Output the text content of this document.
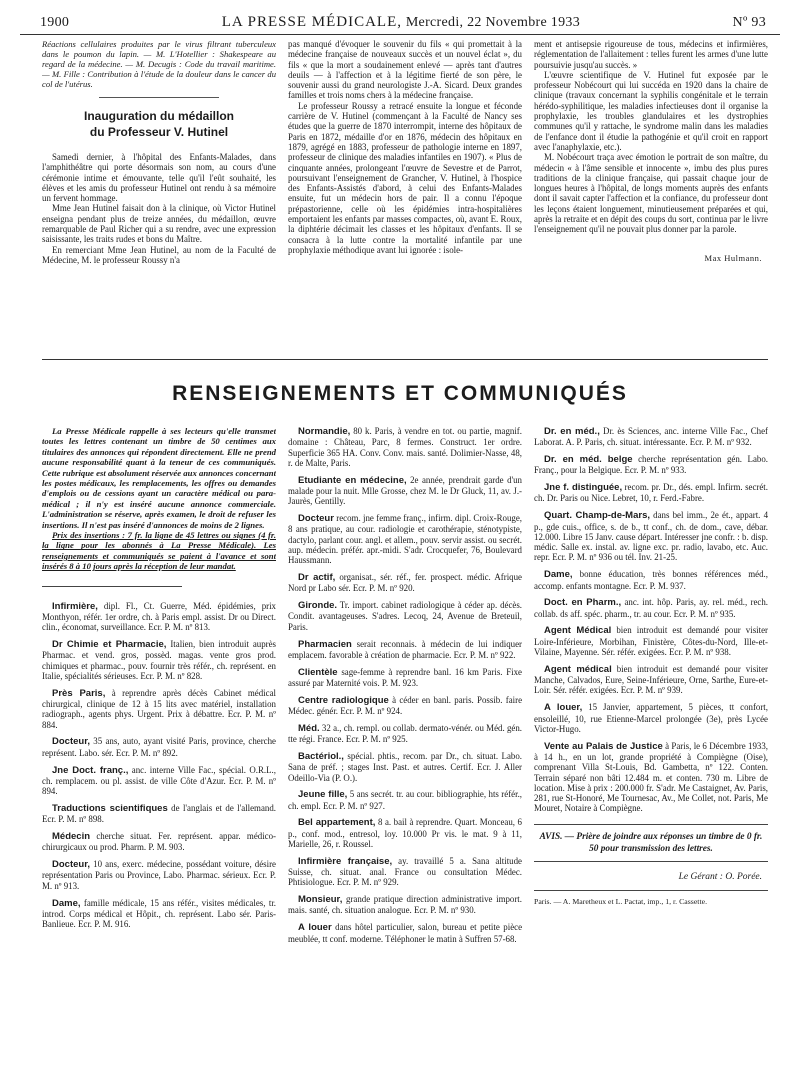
1900	LA PRESSE MÉDICALE, Mercredi, 22 Novembre 1933	Nº 93

Réactions cellulaires produites par le virus filtrant tuberculeux dans le poumon du lapin. — M. L'Hotellier : Shakespeare au regard de la médecine. — M. Decugis : Code du travail maritime. — M. Fille : Contribution à l'étude de la douleur dans le cancer du col de l'utérus.

Inauguration du médaillon
du Professeur V. Hutinel

Samedi dernier, à l'hôpital des Enfants-Malades, dans l'amphithéâtre qui porte désormais son nom, au cours d'une cérémonie intime et émouvante, telle qu'il l'eût souhaité, les élèves et les amis du professeur Hutinel ont rendu à sa mémoire un fervent hommage.

Mme Jean Hutinel faisait don à la clinique, où Victor Hutinel enseigna pendant plus de treize années, du médaillon, œuvre remarquable de Paul Richer qui a su rendre, avec une expression saisissante, les traits rudes et bons du Maître.

En remerciant Mme Jean Hutinel, au nom de la Faculté de Médecine, M. le professeur Roussy n'a

pas manqué d'évoquer le souvenir du fils « qui promettait à la médecine française de nouveaux succès et un nouvel éclat », du fils « que la mort a soudainement enlevé — après tant d'autres deuils — à l'affection et à la légitime fierté de son père, le souvenir aussi du grand neurologiste J.-A. Sicard. Deux grandes familles et trois noms chers à la médecine française.

Le professeur Roussy a retracé ensuite la longue et féconde carrière de V. Hutinel (commençant à la Faculté de Nancy ses études que la guerre de 1870 interrompit, interne des hôpitaux de Paris en 1872, médaille d'or en 1876, médecin des hôpitaux en 1879, agrégé en 1883, professeur de pathologie interne en 1897, professeur de clinique des maladies infantiles en 1907). « Plus de cinquante années, prolongeant l'œuvre de Sevestre et de Parrot, poursuivant l'enseignement de Grancher, V. Hutinel, à l'hospice des Enfants-Assistés d'abord, à celui des Enfants-Malades ensuite, fut un médecin hors de pair. Il a connu l'époque prépastorienne, celle où les épidémies intra-hospitalières emportaient les enfants par masses compactes, où, avant E. Roux, la diphtérie décimait les classes et les hôpitaux d'enfants. Il se consacra à la lutte contre la mortalité infantile par une prophylaxie méthodique avant lui ignorée : isole-

ment et antisepsie rigoureuse de tous, médecins et infirmières, réglementation de l'allaitement : telles furent les armes d'une lutte poursuivie jusqu'au succès. »

L'œuvre scientifique de V. Hutinel fut exposée par le professeur Nobécourt qui lui succéda en 1920 dans la chaire de clinique (travaux concernant la syphilis congénitale et le terrain hérédo-syphilitique, les maladies infectieuses dont il organise la prophylaxie, les troubles glandulaires et les dystrophies communes qu'il y rattache, le syndrome malin dans les maladies de l'enfance dont il étudie la pathogénie et qu'il croit en rapport avec l'anaphylaxie, etc.).

M. Nobécourt traça avec émotion le portrait de son maître, du médecin « à l'âme sensible et innocente », imbu des plus pures traditions de la clinique française, qui passait chaque jour de longues heures à l'hôpital, de longs moments auprès des enfants dont il savait capter l'affection et la confiance, du professeur dont les leçons étaient longuement, minutieusement préparées et qui, après la retraite et en dépit des coups du sort, continua par le livre l'enseignement qu'il ne pouvait plus donner par la parole.

Max Hulmann.
RENSEIGNEMENTS ET COMMUNIQUÉS

La Presse Médicale rappelle à ses lecteurs qu'elle transmet toutes les lettres contenant un timbre de 50 centimes aux titulaires des annonces qui répondent directement. Elle ne prend aucune responsabilité quant à la teneur de ces communiqués. Cette rubrique est absolument réservée aux annonces concernant les postes médicaux, les remplacements, les offres ou demandes d'emplois ou de cessions ayant un caractère médical ou para-médical ; il n'y est inséré aucune annonce commerciale. L'administration se réserve, après examen, le droit de refuser les insertions. Il n'est pas inséré d'annonces de moins de 2 lignes.

Prix des insertions : 7 fr. la ligne de 45 lettres ou signes (4 fr. la ligne pour les abonnés à La Presse Médicale). Les renseignements et communiqués se paient à l'avance et sont insérés 8 à 10 jours après la réception de leur mandat.

Infirmière, dipl. Fl., Ct. Guerre, Méd. épidémies, prix Monthyon, référ. 1er ordre, ch. à Paris empl. assist. Dr ou Direct. clin., économat, surveillance. Ecr. P. M. nº 813.

Dr Chimie et Pharmacie, Italien, bien introduit auprès Pharmac. et vend. gros, possèd. magas. vente gros prod. chimiques et pharmac., pouv. fournir très référ., ch. représent. en Italie, spécialités sérieuses. Ecr. P. M. nº 828.

Près Paris, à reprendre après décès Cabinet médical chirurgical, clinique de 12 à 15 lits avec matériel, installation radiograph., agents phys. Urgent. Prix à débattre. Ecr. P. M. nº 884.

Docteur, 35 ans, auto, ayant visité Paris, province, cherche représent. Labo. sér. Ecr. P. M. nº 892.

Jne Doct. franç., anc. interne Ville Fac., spécial. O.R.L., ch. remplacem. ou pl. assist. de ville Côte d'Azur. Ecr. P. M. nº 894.

Traductions scientifiques de l'anglais et de l'allemand. Ecr. P. M. nº 898.

Médecin cherche situat. Fer. représent. appar. médico-chirurgicaux ou prod. Pharm. P. M. 903.

Docteur, 10 ans, exerc. médecine, possédant voiture, désire représentation Paris ou Province, Labo. Pharmac. sérieux. Ecr. P. M. nº 913.

Dame, famille médicale, 15 ans référ., visites médicales, tr. introd. Corps médical et Hôpit., ch. représent. Labo sér. Paris-Banlieue. Ecr. P. M. 916.

Normandie, 80 k. Paris, à vendre en tot. ou partie, magnif. domaine : Château, Parc, 8 fermes. Construct. 1er ordre. Superficie 365 HA. Conv. Conv. mais. santé. Dolimier-Nasse, 48, r. de Malte, Paris.

Etudiante en médecine, 2e année, prendrait garde d'un malade pour la nuit. Mlle Grosse, chez M. le Dr Gluck, 11, av. J.-Jaurès, Gentilly.

Docteur recom. jne femme franç., infirm. dipl. Croix-Rouge, 8 ans pratique, au cour. radiologie et carothérapie, sténotypiste, dactylo, parlant cour. angl. et allem., pouv. servir assist. ou secrét. aup. médecin. préfér. apr.-midi. S'adr. Crocquefer, 76, Boulevard Haussmann.

Dr actif, organisat., sér. réf., fer. prospect. médic. Afrique Nord pr Labo sér. Ecr. P. M. nº 920.

Gironde. Tr. import. cabinet radiologique à céder ap. décès. Condit. avantageuses. S'adres. Lecoq, 24, Avenue de Breteuil, Paris.

Pharmacien serait reconnais. à médecin de lui indiquer emplacem. favorable à création de pharmacie. Ecr. P. M. nº 922.

Clientèle sage-femme à reprendre banl. 16 km Paris. Fixe assuré par Maternité vois. P. M. 923.

Centre radiologique à céder en banl. paris. Possib. faire Médec. génér. Ecr. P. M. nº 924.

Méd. 32 a., ch. rempl. ou collab. dermato-vénér. ou Méd. gén. tte régi. France. Ecr. P. M. nº 925.

Bactériol., spécial. phtis., recom. par Dr., ch. situat. Labo. Sana de préf. ; stages Inst. Past. et autres. Certif. Ecr. J. Aller Odeillo-Via (P. O.).

Jeune fille, 5 ans secrét. tr. au cour. bibliographie, hts référ., ch. empl. Ecr. P. M. nº 927.

Bel appartement, 8 a. bail à reprendre. Quart. Monceau, 6 p., conf. mod., entresol, loy. 10.000 Pr vis. le mat. 9 à 11, Marielle, 26, r. Roussel.

Infirmière française, ay. travaillé 5 a. Sana altitude Suisse, ch. situat. anal. France ou consultation Médec. Phtisiologue. Ecr. P. M. nº 929.

Monsieur, grande pratique direction administrative import. mais. santé, ch. situation analogue. Ecr. P. M. nº 930.

A louer dans hôtel particulier, salon, bureau et petite pièce meublée, tt conf. moderne. Téléphoner le matin à Suffren 57-68.

Dr. en méd., Dr. ès Sciences, anc. interne Ville Fac., Chef Laborat. A. P. Paris, ch. situat. intéressante. Ecr. P. M. nº 932.

Dr. en méd. belge cherche représentation gén. Labo. Franç., pour la Belgique. Ecr. P. M. nº 933.

Jne f. distinguée, recom. pr. Dr., dés. empl. Infirm. secrét. ch. Dr. Paris ou Nice. Lebret, 10, r. Ferd.-Fabre.

Quart. Champ-de-Mars, dans bel imm., 2e ét., appart. 4 p., gde cuis., office, s. de b., tt conf., ch. de dom., cave, débar. 12.000. Libre 15 Janv. cause départ. Intéresser jne confr. : b. disp. médic. Salle ex. instal. av. ligne exc. pr. radio, lavabo, etc. Auc. repr. Ecr. P. M. nº 936 ou tél. Inv. 21-25.

Dame, bonne éducation, très bonnes références méd., accomp. enfants montagne. Ecr. P. M. 937.

Doct. en Pharm., anc. int. hôp. Paris, ay. rel. méd., rech. collab. ds aff. spéc. pharm., tr. au cour. Ecr. P. M. nº 935.

Agent Médical bien introduit est demandé pour visiter Loire-Inférieure, Morbihan, Finistère, Côtes-du-Nord, Ille-et-Vilaine, Mayenne. Sér. référ. exigées. Ecr. P. M. nº 938.

Agent médical bien introduit est demandé pour visiter Manche, Calvados, Eure, Seine-Inférieure, Orne, Sarthe, Eure-et-Loir. Sér. référ. exigées. Ecr. P. M. nº 939.

A louer, 15 Janvier, appartement, 5 pièces, tt confort, ensoleillé, 10, rue Etienne-Marcel prolongée (3e), près Lycée Victor-Hugo.

Vente au Palais de Justice à Paris, le 6 Décembre 1933, à 14 h., en un lot, grande propriété à Compiègne (Oise), comprenant Villa St-Louis, Bd. Gambetta, nº 122. Conten. Terrain séparé non bâti 12.484 m. et conten. 730 m. Libre de location. Mise à prix : 200.000 fr. S'adr. Me Castaignet, Av. Paris, 281, rue St-Honoré, Me Tournesac, Av., Me Collet, not. Paris, Me Mouret, Notaire à Compiègne.

AVIS. — Prière de joindre aux réponses un timbre de 0 fr. 50 pour transmission des lettres.
Le Gérant : O. Porée.
Paris. — A. Maretheux et L. Pactat, imp., 1, r. Cassette.
